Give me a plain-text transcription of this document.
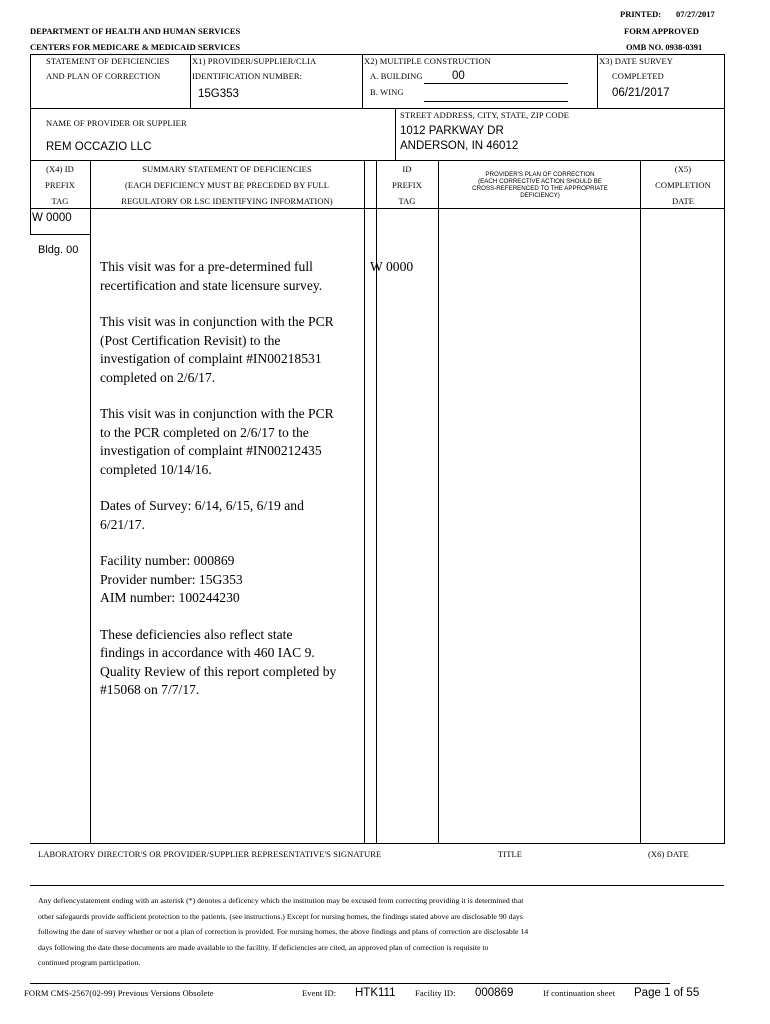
PRINTED: 07/27/2017
DEPARTMENT OF HEALTH AND HUMAN SERVICES	FORM APPROVED
CENTERS FOR MEDICARE & MEDICAID SERVICES	OMB NO. 0938-0391
STATEMENT OF DEFICIENCIES
AND PLAN OF CORRECTION
X1) PROVIDER/SUPPLIER/CLIA
IDENTIFICATION NUMBER:
15G353
X2) MULTIPLE CONSTRUCTION
A. BUILDING	00
B. WING
X3) DATE SURVEY
COMPLETED
06/21/2017
NAME OF PROVIDER OR SUPPLIER
REM OCCAZIO LLC
STREET ADDRESS, CITY, STATE, ZIP CODE
1012 PARKWAY DR
ANDERSON, IN 46012
(X4) ID
PREFIX
TAG
SUMMARY STATEMENT OF DEFICIENCIES
(EACH DEFICIENCY MUST BE PRECEDED BY FULL
REGULATORY OR LSC IDENTIFYING INFORMATION)
ID
PREFIX
TAG
PROVIDER'S PLAN OF CORRECTION
(EACH CORRECTIVE ACTION SHOULD BE
CROSS-REFERENCED TO THE APPROPRIATE
DEFICIENCY)
(X5)
COMPLETION
DATE
W 0000
Bldg. 00
W 0000

This visit was for a pre-determined full recertification and state licensure survey.

This visit was in conjunction with the PCR (Post Certification Revisit) to the investigation of complaint #IN00218531 completed on 2/6/17.

This visit was in conjunction with the PCR to the PCR completed on 2/6/17 to the investigation of complaint #IN00212435 completed 10/14/16.

Dates of Survey: 6/14, 6/15, 6/19 and 6/21/17.

Facility number: 000869
Provider number: 15G353
AIM number: 100244230

These deficiencies also reflect state findings in accordance with 460 IAC 9. Quality Review of this report completed by #15068 on 7/7/17.

LABORATORY DIRECTOR'S OR PROVIDER/SUPPLIER REPRESENTATIVE'S SIGNATURE	TITLE	(X6) DATE
Any defiencystatement ending with an asterisk (*) denotes a deficency which the institution may be excused from correcting providing it is determined that
other safegaurds provide sufficient protection to the patients. (see instructions.) Except for nursing homes, the findings stated above are disclosable 90 days
following the date of survey whether or not a plan of correction is provided. For nursing homes, the above findings and plans of correction are disclosable 14
days following the date these documents are made available to the facility. If deficiencies are cited, an approved plan of correction is requisite to
continued program participation.
FORM CMS-2567(02-99) Previous Versions Obsolete	Event ID: HTK111 Facility ID: 000869	If continuation sheet Page 1 of 55
